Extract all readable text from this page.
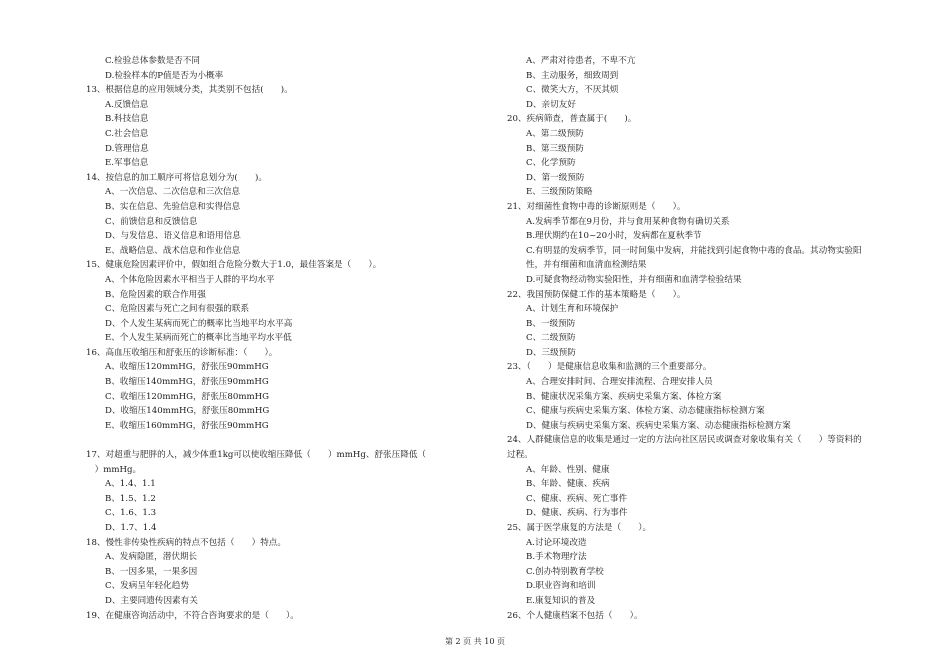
C.检验总体参数是否不同
D.检验样本的P值是否为小概率
13、根据信息的应用领域分类，其类别不包括(　　)。
A.反馈信息
B.科技信息
C.社会信息
D.管理信息
E.军事信息
14、按信息的加工顺序可将信息划分为(　　)。
A、一次信息、二次信息和三次信息
B、实在信息、先验信息和实得信息
C、前馈信息和反馈信息
D、与发信息、语义信息和语用信息
E、战略信息、战术信息和作业信息
15、健康危险因素评价中，假如组合危险分数大于1.0，最佳答案是（　　）。
A、个体危险因素水平相当于人群的平均水平
B、危险因素的联合作用强
C、危险因素与死亡之间有很强的联系
D、个人发生某病而死亡的概率比当地平均水平高
E、个人发生某病而死亡的概率比当地平均水平低
16、高血压收缩压和舒张压的诊断标准：（　　）。
A、收缩压120mmHG，舒张压90mmHG
B、收缩压140mmHG，舒张压90mmHG
C、收缩压120mmHG，舒张压80mmHG
D、收缩压140mmHG，舒张压80mmHG
E、收缩压160mmHG，舒张压90mmHG
17、对超重与肥胖的人，减少体重1kg可以使收缩压降低（　　）mmHg、舒张压降低（
　）mmHg。
A、1.4、1.1
B、1.5、1.2
C、1.6、1.3
D、1.7、1.4
18、慢性非传染性疾病的特点不包括（　　）特点。
A、发病隐匿，潜伏期长
B、一因多果，一果多因
C、发病呈年轻化趋势
D、主要同遗传因素有关
19、在健康咨询活动中，不符合咨询要求的是（　　）。
A、严肃对待患者，不卑不亢
B、主动服务，细致周到
C、微笑大方，不厌其烦
D、亲切友好
20、疾病筛查，普查属于(　　)。
A、第二级预防
B、第三级预防
C、化学预防
D、第一级预防
E、三级预防策略
21、对细菌性食物中毒的诊断原则是（　　）。
A.发病季节都在9月份，并与食用某种食物有确切关系
B.理伏期约在10~20小时，发病都在夏秋季节
C.有明显的发病季节，同一时间集中发病，并能找到引起食物中毒的食品。其动物实验阳
性，并有细菌和血清血检测结果
D.可疑食物经动物实验阳性，并有细菌和血清学检验结果
22、我国预防保健工作的基本策略是（　　）。
A、计划生育和环境保护
B、一级预防
C、二级预防
D、三级预防
23、（　　）是健康信息收集和监测的三个重要部分。
A、合理安排时间、合理安排流程、合理安排人员
B、健康状况采集方案、疾病史采集方案、体检方案
C、健康与疾病史采集方案、体检方案、动态健康指标检测方案
D、健康与疾病史采集方案、疾病史采集方案、动态健康指标检测方案
24、人群健康信息的收集是通过一定的方法向社区居民或调查对象收集有关（　　）等资料的
过程。
A、年龄、性别、健康
B、年龄、健康、疾病
C、健康、疾病、死亡事件
D、健康、疾病、行为事件
25、属于医学康复的方法是（　　）。
A.讨论环境改造
B.手术物理疗法
C.创办特别教育学校
D.职业咨询和培训
E.康复知识的普及
26、个人健康档案不包括（　　）。
第 2 页 共 10 页
